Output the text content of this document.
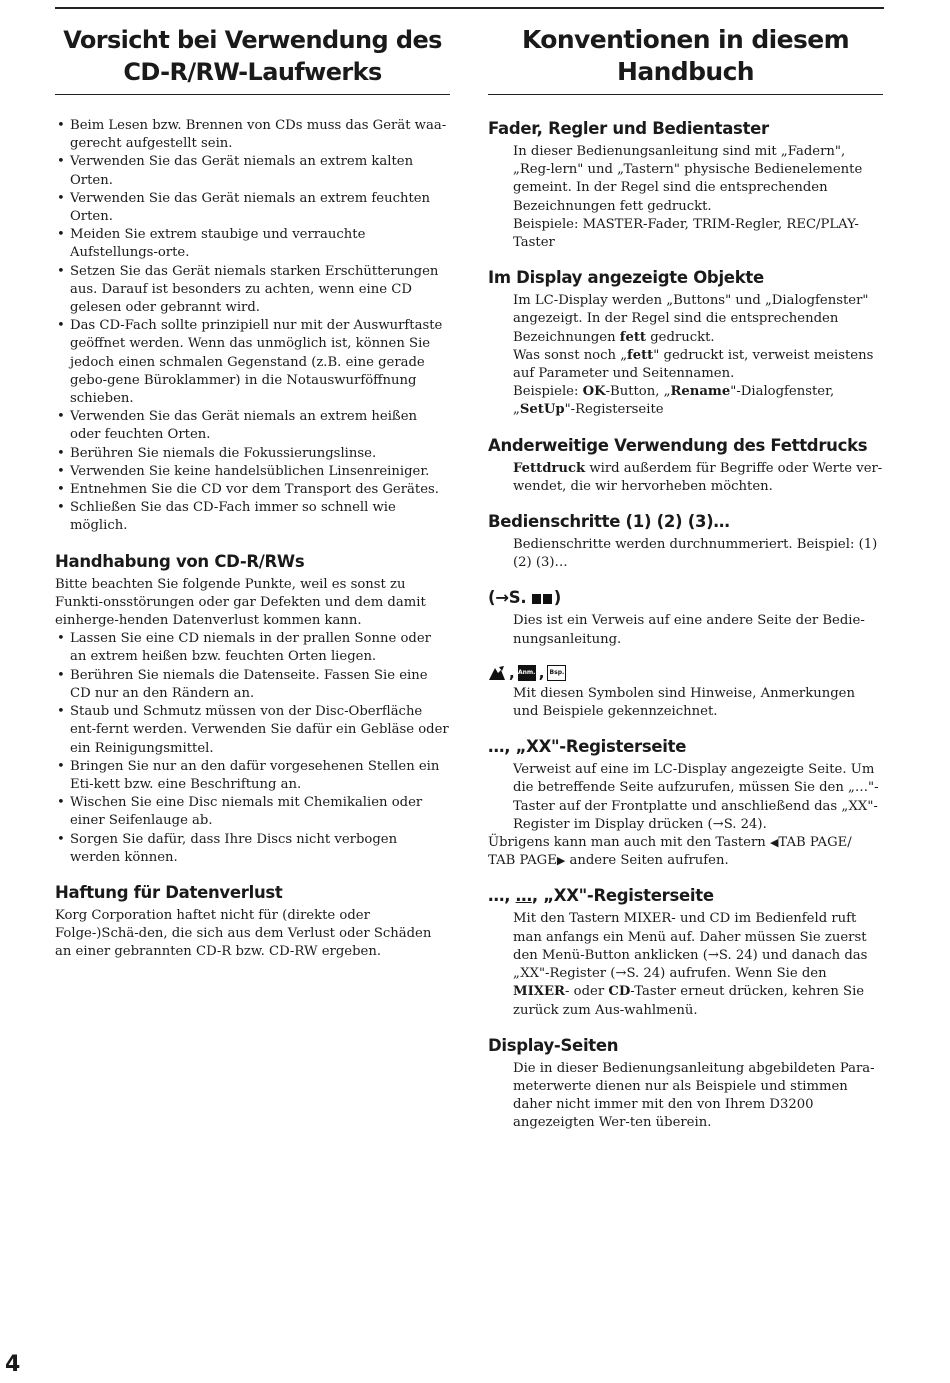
Vorsicht bei Verwendung des
CD-R/RW-Laufwerks
• Beim Lesen bzw. Brennen von CDs muss das Gerät waa-gerecht aufgestellt sein.
• Verwenden Sie das Gerät niemals an extrem kalten Orten.
• Verwenden Sie das Gerät niemals an extrem feuchten Orten.
• Meiden Sie extrem staubige und verrauchte Aufstellungs-orte.
• Setzen Sie das Gerät niemals starken Erschütterungen aus. Darauf ist besonders zu achten, wenn eine CD gelesen oder gebrannt wird.
• Das CD-Fach sollte prinzipiell nur mit der Auswurftaste geöffnet werden. Wenn das unmöglich ist, können Sie jedoch einen schmalen Gegenstand (z.B. eine gerade gebo-gene Büroklammer) in die Notauswurföffnung schieben.
• Verwenden Sie das Gerät niemals an extrem heißen oder feuchten Orten.
• Berühren Sie niemals die Fokussierungslinse.
• Verwenden Sie keine handelsüblichen Linsenreiniger.
• Entnehmen Sie die CD vor dem Transport des Gerätes.
• Schließen Sie das CD-Fach immer so schnell wie möglich.
Handhabung von CD-R/RWs

Bitte beachten Sie folgende Punkte, weil es sonst zu Funkti-onsstörungen oder gar Defekten und dem damit einherge-henden Datenverlust kommen kann.

• Lassen Sie eine CD niemals in der prallen Sonne oder an extrem heißen bzw. feuchten Orten liegen.
• Berühren Sie niemals die Datenseite. Fassen Sie eine CD nur an den Rändern an.
• Staub und Schmutz müssen von der Disc-Oberfläche ent-fernt werden. Verwenden Sie dafür ein Gebläse oder ein Reinigungsmittel.
• Bringen Sie nur an den dafür vorgesehenen Stellen ein Eti-kett bzw. eine Beschriftung an.
• Wischen Sie eine Disc niemals mit Chemikalien oder einer Seifenlauge ab.
• Sorgen Sie dafür, dass Ihre Discs nicht verbogen werden können.
Haftung für Datenverlust

Korg Corporation haftet nicht für (direkte oder Folge-)Schä-den, die sich aus dem Verlust oder Schäden an einer gebrannten CD-R bzw. CD-RW ergeben.

Konventionen in diesem
Handbuch
Fader, Regler und Bedientaster

In dieser Bedienungsanleitung sind mit „Fadern", „Reg-lern" und „Tastern" physische Bedienelemente gemeint. In der Regel sind die entsprechenden Bezeichnungen fett gedruckt.

Beispiele: MASTER-Fader, TRIM-Regler, REC/PLAY-Taster

Im Display angezeigte Objekte

Im LC-Display werden „Buttons" und „Dialogfenster" angezeigt. In der Regel sind die entsprechenden Bezeichnungen fett gedruckt.

Was sonst noch „fett" gedruckt ist, verweist meistens auf Parameter und Seitennamen.

Beispiele: OK-Button, „Rename"-Dialogfenster, „SetUp"-Registerseite

Anderweitige Verwendung des Fettdrucks

Fettdruck wird außerdem für Begriffe oder Werte ver-wendet, die wir hervorheben möchten.

Bedienschritte (1) (2) (3)…

Bedienschritte werden durchnummeriert. Beispiel: (1) (2) (3)…

(→S. )

Dies ist ein Verweis auf eine andere Seite der Bedie-nungsanleitung.

, Anm. , Bsp.

Mit diesen Symbolen sind Hinweise, Anmerkungen und Beispiele gekennzeichnet.

…, „XX"-Registerseite

Verweist auf eine im LC-Display angezeigte Seite. Um die betreffende Seite aufzurufen, müssen Sie den „…"-Taster auf der Frontplatte und anschließend das „XX"-Register im Display drücken (→S. 24).

Übrigens kann man auch mit den Tastern ◀TAB PAGE/ TAB PAGE▶ andere Seiten aufrufen.

…, …, „XX"-Registerseite

Mit den Tastern MIXER- und CD im Bedienfeld ruft man anfangs ein Menü auf. Daher müssen Sie zuerst den Menü-Button anklicken (→S. 24) und danach das „XX"-Register (→S. 24) aufrufen. Wenn Sie den MIXER- oder CD-Taster erneut drücken, kehren Sie zurück zum Aus-wahlmenü.

Display-Seiten

Die in dieser Bedienungsanleitung abgebildeten Para-meterwerte dienen nur als Beispiele und stimmen daher nicht immer mit den von Ihrem D3200 angezeigten Wer-ten überein.

4
